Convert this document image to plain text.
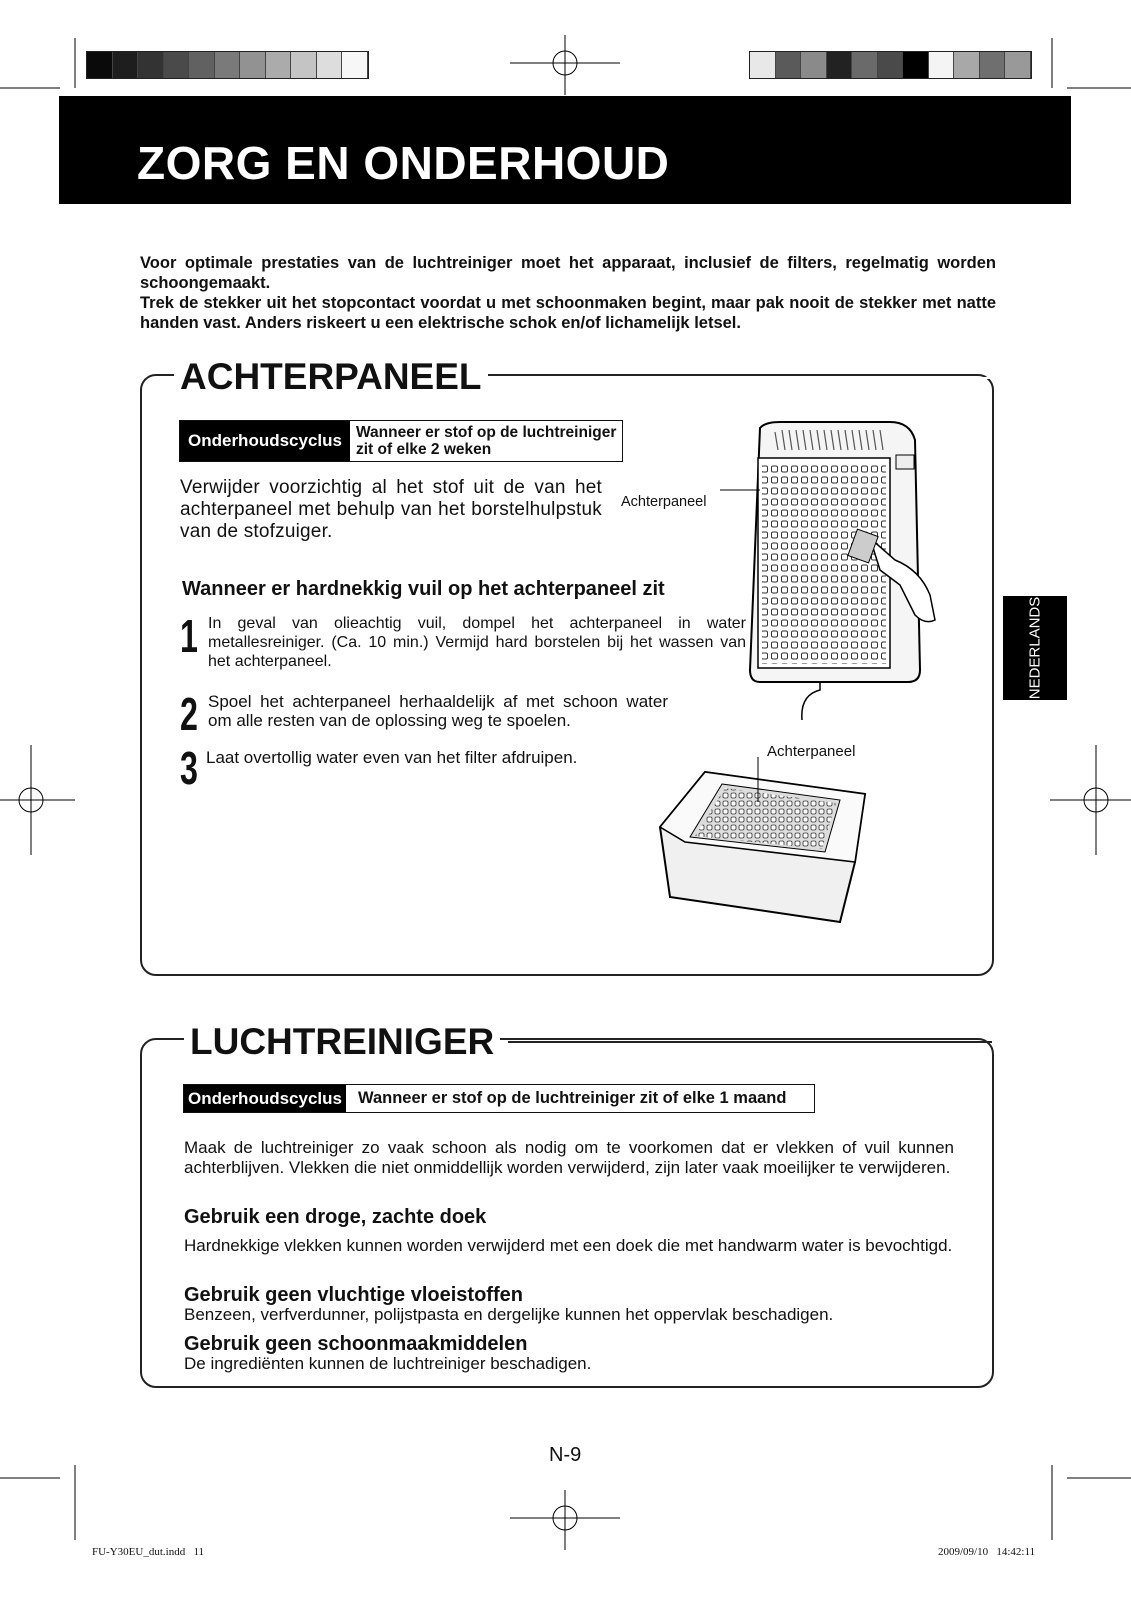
ZORG EN ONDERHOUD

Voor optimale prestaties van de luchtreiniger moet het apparaat, inclusief de filters, regelmatig worden schoongemaakt.

Trek de stekker uit het stopcontact voordat u met schoonmaken begint, maar pak nooit de stekker met natte handen vast. Anders riskeert u een elektrische schok en/of lichamelijk letsel.

NEDERLANDS
ACHTERPANEEL
Onderhoudscyclus Wanneer er stof op de luchtreiniger
zit of elke 2 weken
Verwijder voorzichtig al het stof uit de van het achterpaneel met behulp van het borstelhulpstuk van de stofzuiger.
Wanneer er hardnekkig vuil op het achterpaneel zit
1 In geval van olieachtig vuil, dompel het achterpaneel in water metallesreiniger. (Ca. 10 min.) Vermijd hard borstelen bij het wassen van het achterpaneel.
2 Spoel het achterpaneel herhaaldelijk af met schoon water om alle resten van de oplossing weg te spoelen.
3 Laat overtollig water even van het filter afdruipen.
Achterpaneel
Achterpaneel
LUCHTREINIGER
Onderhoudscyclus Wanneer er stof op de luchtreiniger zit of elke 1 maand
Maak de luchtreiniger zo vaak schoon als nodig om te voorkomen dat er vlekken of vuil kunnen achterblijven. Vlekken die niet onmiddellijk worden verwijderd, zijn later vaak moeilijker te verwijderen.
Gebruik een droge, zachte doek
Hardnekkige vlekken kunnen worden verwijderd met een doek die met handwarm water is bevochtigd.
Gebruik geen vluchtige vloeistoffen
Benzeen, verfverdunner, polijstpasta en dergelijke kunnen het oppervlak beschadigen.
Gebruik geen schoonmaakmiddelen
De ingrediënten kunnen de luchtreiniger beschadigen.
N-9
FU-Y30EU_dut.indd   11	2009/09/10   14:42:11
